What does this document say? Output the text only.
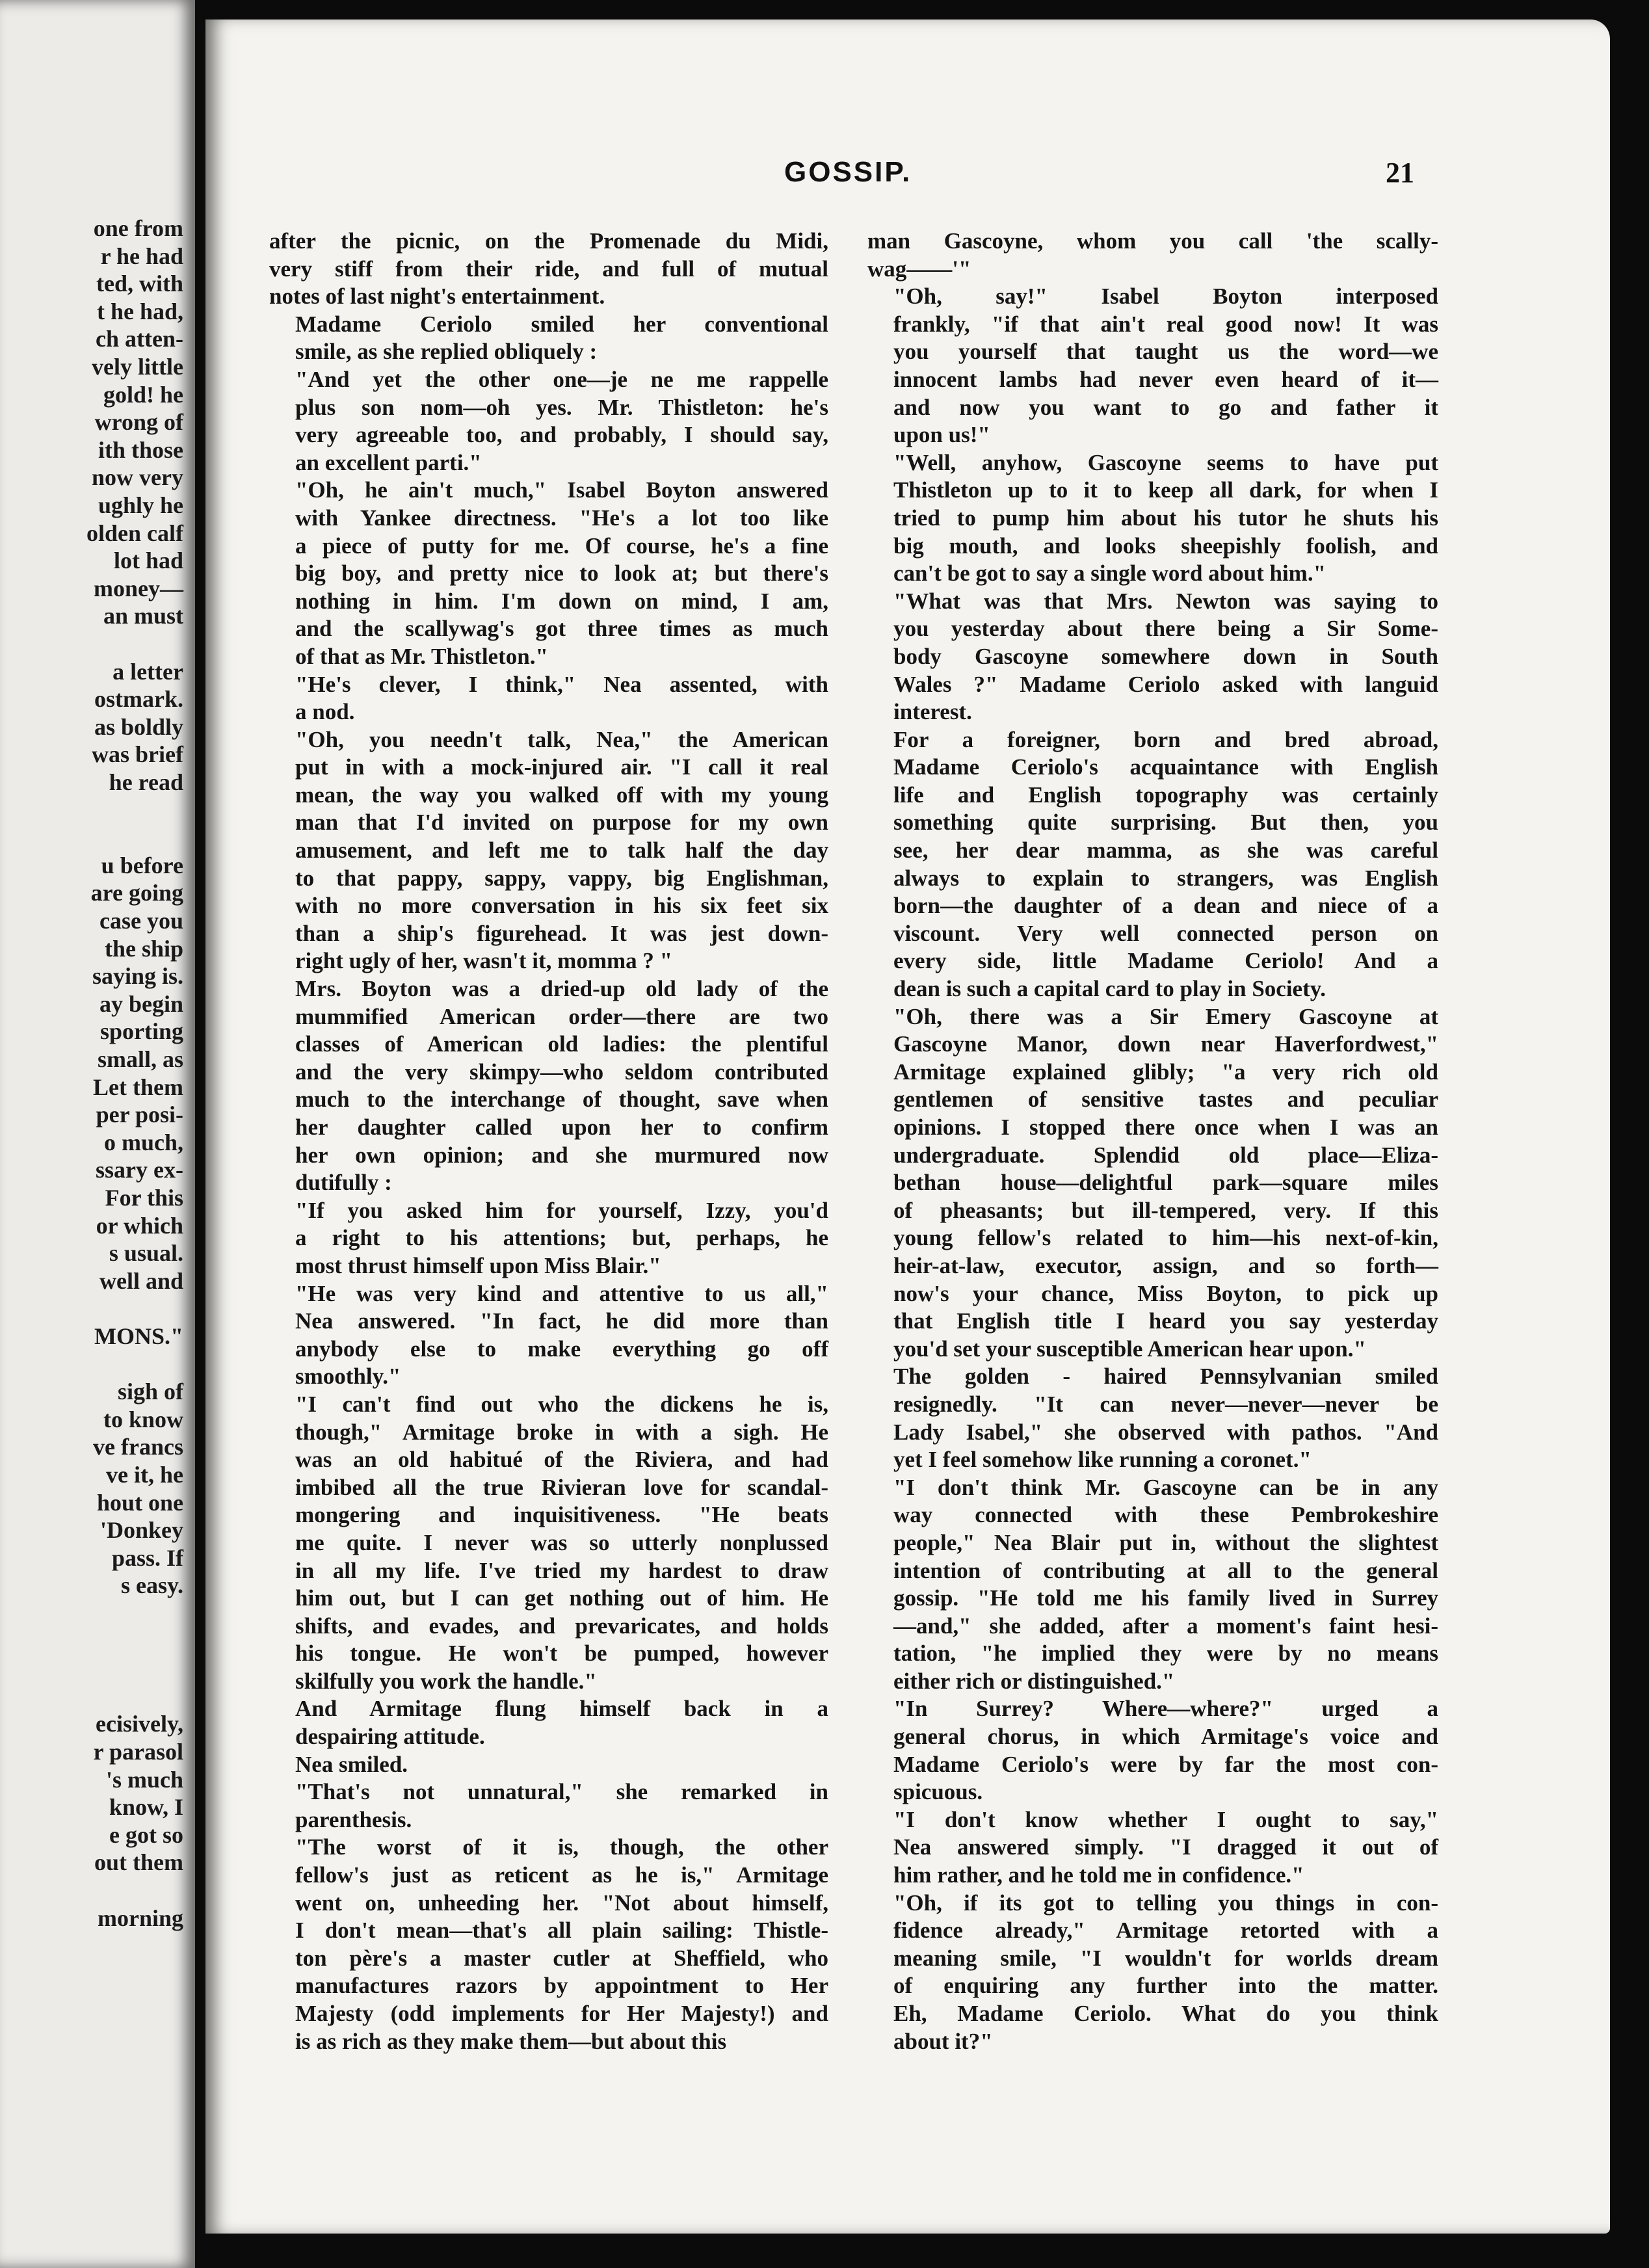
one from

r he had

ted, with

t he had,

ch atten-

vely little

gold! he

wrong of

ith those

now very

ughly he

olden calf

lot had

money—

an must

a letter

ostmark.

as boldly

was brief

he read

u before

are going

case you

the ship

saying is.

ay begin

sporting

small, as

Let them

per posi-

o much,

ssary ex-

For this

or which

s usual.

well and

MONS."

sigh of

to know

ve francs

ve it, he

hout one

'Donkey

pass. If

s easy.

ecisively,

r parasol

's much

know, I

e got so

out them

morning

GOSSIP.	21

after the picnic, on the Promenade du Midi,
very stiff from their ride, and full of mutual
notes of last night's entertainment.

Madame Ceriolo smiled her conventional
smile, as she replied obliquely :

"And yet the other one—je ne me rappelle
plus son nom—oh yes. Mr. Thistleton: he's
very agreeable too, and probably, I should say,
an excellent parti."

"Oh, he ain't much," Isabel Boyton answered
with Yankee directness. "He's a lot too like
a piece of putty for me. Of course, he's a fine
big boy, and pretty nice to look at; but there's
nothing in him. I'm down on mind, I am,
and the scallywag's got three times as much
of that as Mr. Thistleton."

"He's clever, I think," Nea assented, with
a nod.

"Oh, you needn't talk, Nea," the American
put in with a mock-injured air. "I call it real
mean, the way you walked off with my young
man that I'd invited on purpose for my own
amusement, and left me to talk half the day
to that pappy, sappy, vappy, big Englishman,
with no more conversation in his six feet six
than a ship's figurehead. It was jest down-
right ugly of her, wasn't it, momma ? "

Mrs. Boyton was a dried-up old lady of the
mummified American order—there are two
classes of American old ladies: the plentiful
and the very skimpy—who seldom contributed
much to the interchange of thought, save when
her daughter called upon her to confirm
her own opinion; and she murmured now
dutifully :

"If you asked him for yourself, Izzy, you'd
a right to his attentions; but, perhaps, he
most thrust himself upon Miss Blair."

"He was very kind and attentive to us all,"
Nea answered. "In fact, he did more than
anybody else to make everything go off
smoothly."

"I can't find out who the dickens he is,
though," Armitage broke in with a sigh. He
was an old habitué of the Riviera, and had
imbibed all the true Rivieran love for scandal-
mongering and inquisitiveness. "He beats
me quite. I never was so utterly nonplussed
in all my life. I've tried my hardest to draw
him out, but I can get nothing out of him. He
shifts, and evades, and prevaricates, and holds
his tongue. He won't be pumped, however
skilfully you work the handle."

And Armitage flung himself back in a
despairing attitude.

Nea smiled.

"That's not unnatural," she remarked in
parenthesis.

"The worst of it is, though, the other
fellow's just as reticent as he is," Armitage
went on, unheeding her. "Not about himself,
I don't mean—that's all plain sailing: Thistle-
ton père's a master cutler at Sheffield, who
manufactures razors by appointment to Her
Majesty (odd implements for Her Majesty!) and
is as rich as they make them—but about this

man Gascoyne, whom you call 'the scally-
wag——'"

"Oh, say!" Isabel Boyton interposed
frankly, "if that ain't real good now! It was
you yourself that taught us the word—we
innocent lambs had never even heard of it—
and now you want to go and father it
upon us!"

"Well, anyhow, Gascoyne seems to have put
Thistleton up to it to keep all dark, for when I
tried to pump him about his tutor he shuts his
big mouth, and looks sheepishly foolish, and
can't be got to say a single word about him."

"What was that Mrs. Newton was saying to
you yesterday about there being a Sir Some-
body Gascoyne somewhere down in South
Wales ?" Madame Ceriolo asked with languid
interest.

For a foreigner, born and bred abroad,
Madame Ceriolo's acquaintance with English
life and English topography was certainly
something quite surprising. But then, you
see, her dear mamma, as she was careful
always to explain to strangers, was English
born—the daughter of a dean and niece of a
viscount. Very well connected person on
every side, little Madame Ceriolo! And a
dean is such a capital card to play in Society.

"Oh, there was a Sir Emery Gascoyne at
Gascoyne Manor, down near Haverfordwest,"
Armitage explained glibly; "a very rich old
gentlemen of sensitive tastes and peculiar
opinions. I stopped there once when I was an
undergraduate. Splendid old place—Eliza-
bethan house—delightful park—square miles
of pheasants; but ill-tempered, very. If this
young fellow's related to him—his next-of-kin,
heir-at-law, executor, assign, and so forth—
now's your chance, Miss Boyton, to pick up
that English title I heard you say yesterday
you'd set your susceptible American hear upon."

The golden - haired Pennsylvanian smiled
resignedly. "It can never—never—never be
Lady Isabel," she observed with pathos. "And
yet I feel somehow like running a coronet."

"I don't think Mr. Gascoyne can be in any
way connected with these Pembrokeshire
people," Nea Blair put in, without the slightest
intention of contributing at all to the general
gossip. "He told me his family lived in Surrey
—and," she added, after a moment's faint hesi-
tation, "he implied they were by no means
either rich or distinguished."

"In Surrey? Where—where?" urged a
general chorus, in which Armitage's voice and
Madame Ceriolo's were by far the most con-
spicuous.

"I don't know whether I ought to say,"
Nea answered simply. "I dragged it out of
him rather, and he told me in confidence."

"Oh, if its got to telling you things in con-
fidence already," Armitage retorted with a
meaning smile, "I wouldn't for worlds dream
of enquiring any further into the matter.
Eh, Madame Ceriolo. What do you think
about it?"
